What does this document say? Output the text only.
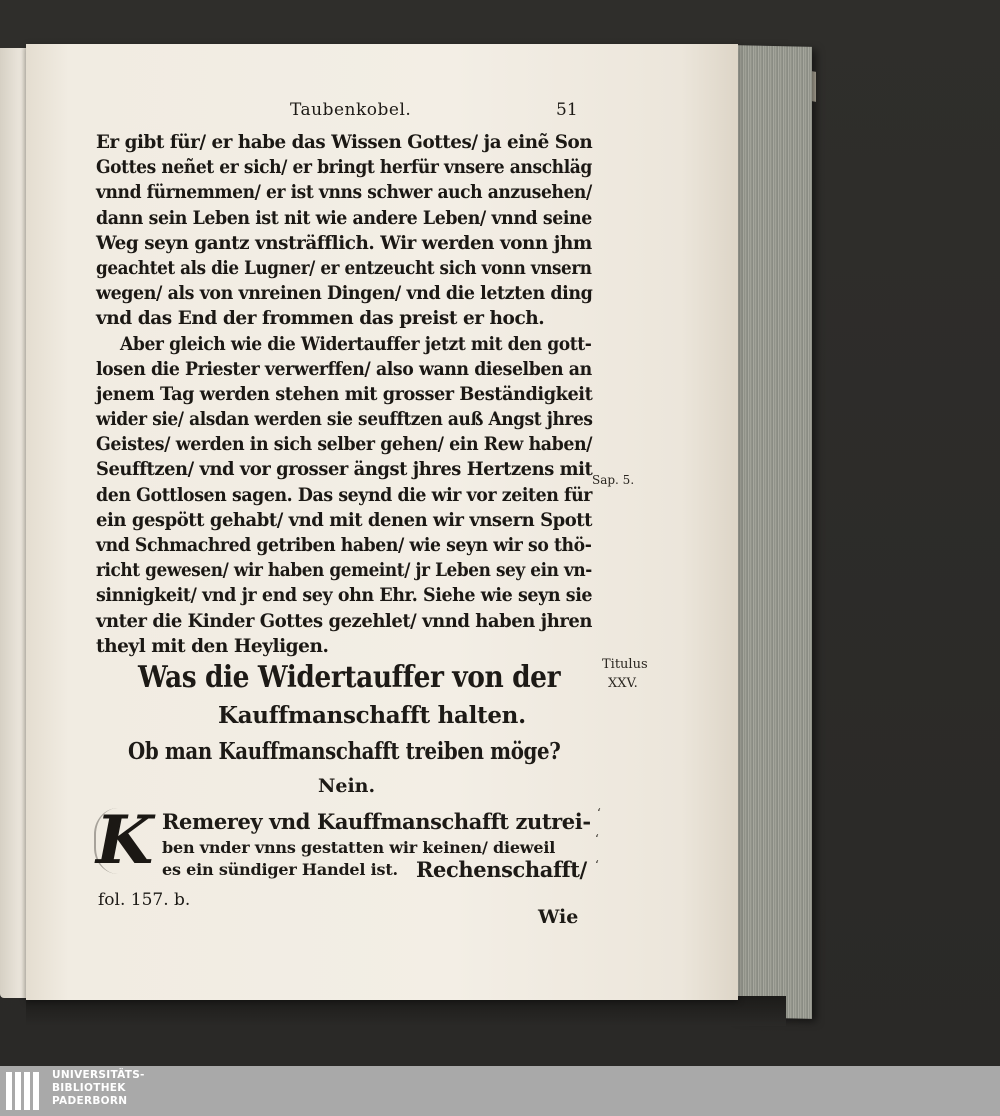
Taubenkobel.	51
Er gibt für/ er habe das Wissen Gottes/ ja einẽ Son
Gottes neñet er sich/ er bringt herfür vnsere anschläg
vnnd fürnemmen/ er ist vnns schwer auch anzusehen/
dann sein Leben ist nit wie andere Leben/ vnnd seine
Weg seyn gantz vnsträfflich. Wir werden vonn jhm
geachtet als die Lugner/ er entzeucht sich vonn vnsern
wegen/ als von vnreinen Dingen/ vnd die letzten ding
vnd das End der frommen das preist er hoch.
Aber gleich wie die Widertauffer jetzt mit den gott-
losen die Priester verwerffen/ also wann dieselben an
jenem Tag werden stehen mit grosser Beständigkeit
wider sie/ alsdan werden sie seufftzen auß Angst jhres
Geistes/ werden in sich selber gehen/ ein Rew haben/
Seufftzen/ vnd vor grosser ängst jhres Hertzens mit
den Gottlosen sagen. Das seynd die wir vor zeiten für
ein gespött gehabt/ vnd mit denen wir vnsern Spott
vnd Schmachred getriben haben/ wie seyn wir so thö-
richt gewesen/ wir haben gemeint/ jr Leben sey ein vn-
sinnigkeit/ vnd jr end sey ohn Ehr. Siehe wie seyn sie
vnter die Kinder Gottes gezehlet/ vnnd haben jhren
theyl mit den Heyligen.
Sap. 5.
Titulus
XXV.
Was die Widertauffer von der
Kauffmanschafft halten.
Ob man Kauffmanschafft treiben möge?
Nein.
K Remerey vnd Kauffmanschafft zutrei-
ben vnder vnns gestatten wir keinen/ dieweil
es ein sündiger Handel ist. Rechenschafft/
fol. 157. b.
Wie
‘
‘
‘
UNIVERSITÄTS-
BIBLIOTHEK
PADERBORN
